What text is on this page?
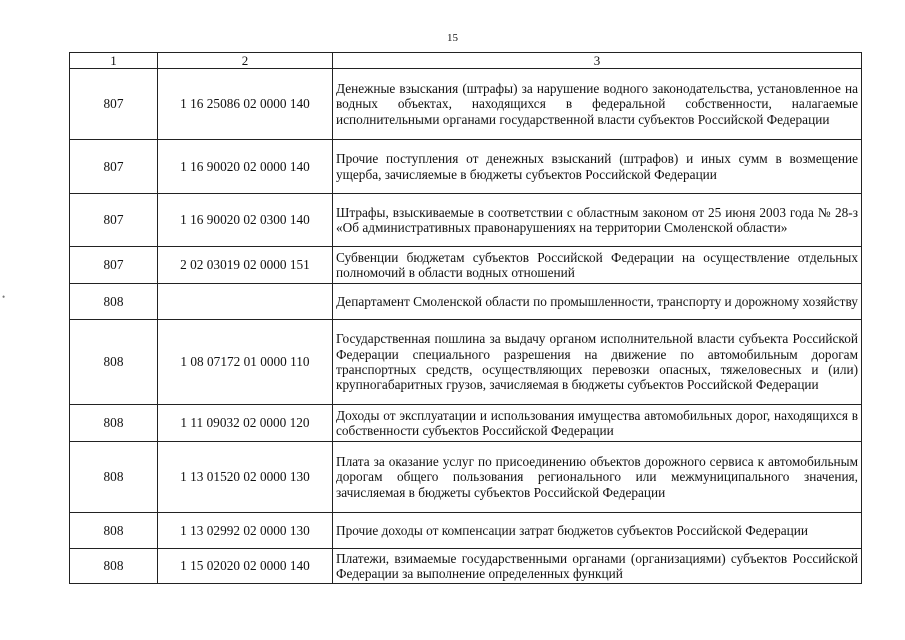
15
•
1	2	3
807	1 16 25086 02 0000 140	Денежные взыскания (штрафы) за нарушение водного законодательства, установленное на водных объектах, находящихся в федеральной собственности, налагаемые исполнительными органами государственной власти субъектов Российской Федерации
807	1 16 90020 02 0000 140	Прочие поступления от денежных взысканий (штрафов) и иных сумм в возмещение ущерба, зачисляемые в бюджеты субъектов Российской Федерации
807	1 16 90020 02 0300 140	Штрафы, взыскиваемые в соответствии с областным законом от 25 июня 2003 года № 28-з «Об административных правонарушениях на территории Смоленской области»
807	2 02 03019 02 0000 151	Субвенции бюджетам субъектов Российской Федерации на осуществление отдельных полномочий в области водных отношений
808		Департамент Смоленской области по промышленности, транспорту и дорожному хозяйству
808	1 08 07172 01 0000 110	Государственная пошлина за выдачу органом исполнительной власти субъекта Российской Федерации специального разрешения на движение по автомобильным дорогам транспортных средств, осуществляющих перевозки опасных, тяжеловесных и (или) крупногабаритных грузов, зачисляемая в бюджеты субъектов Российской Федерации
808	1 11 09032 02 0000 120	Доходы от эксплуатации и использования имущества автомобильных дорог, находящихся в собственности субъектов Российской Федерации
808	1 13 01520 02 0000 130	Плата за оказание услуг по присоединению объектов дорожного сервиса к автомобильным дорогам общего пользования регионального или межмуниципального значения, зачисляемая в бюджеты субъектов Российской Федерации
808	1 13 02992 02 0000 130	Прочие доходы от компенсации затрат бюджетов субъектов Российской Федерации
808	1 15 02020 02 0000 140	Платежи, взимаемые государственными органами (организациями) субъектов Российской Федерации за выполнение определенных функций
